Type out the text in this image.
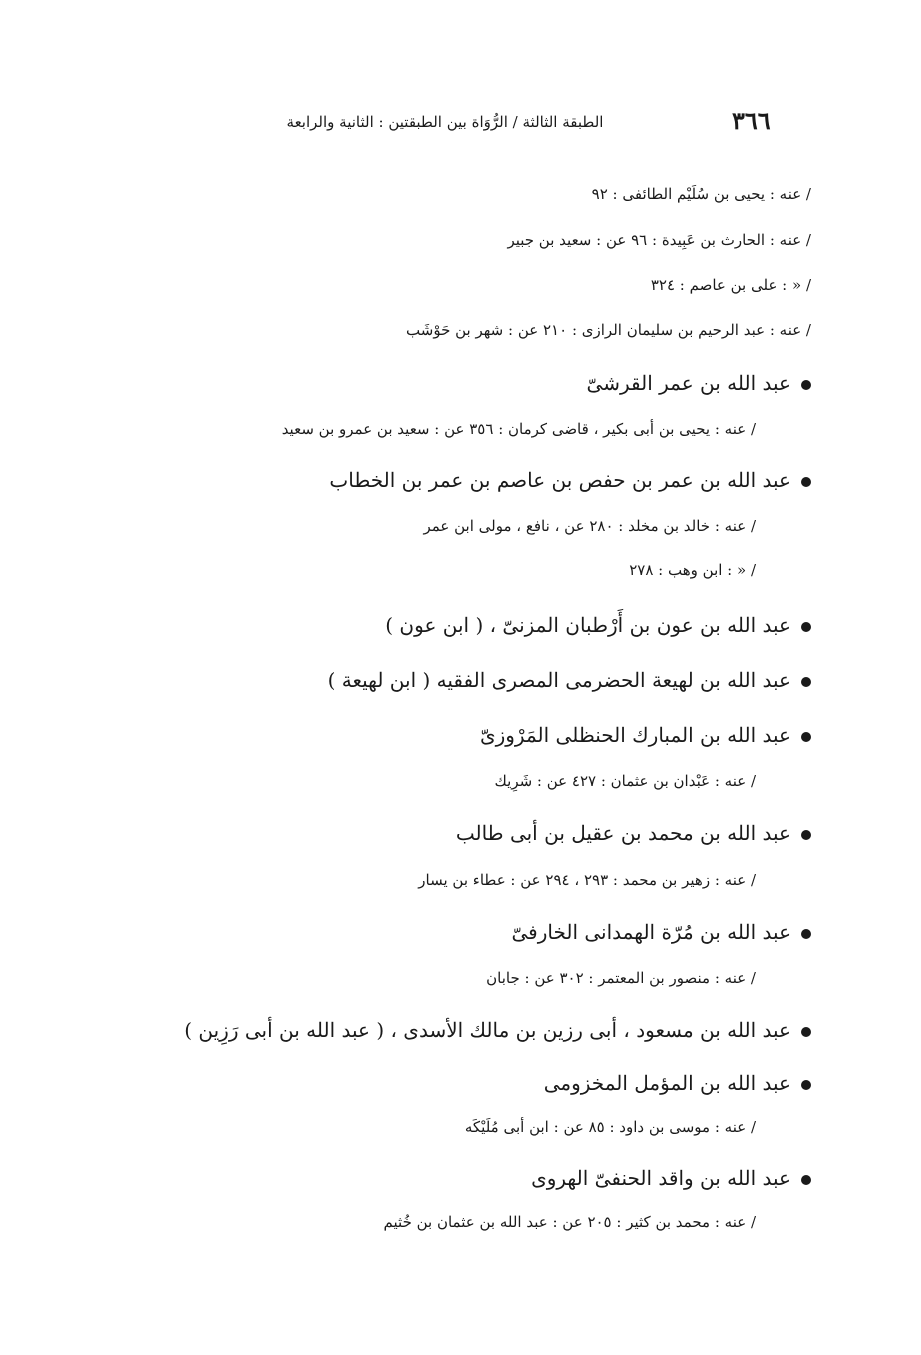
٣٦٦
الطبقة الثالثة / الرُّوَاة بين الطبقتين : الثانية والرابعة
/ عنه : يحيى بن سُلَيْم الطائفى : ٩٢
عن : سعيد بن جبير / عنه : الحارث بن عَبِيدة : ٩٦
/ « : على بن عاصم : ٣٢٤
عن : شهر بن حَوْشَب / عنه : عبد الرحيم بن سليمان الرازى : ٢١٠
عبد الله بن عمر القرشىّ
عن : سعيد بن عمرو بن سعيد / عنه : يحيى بن أبى بكير ، قاضى كرمان : ٣٥٦
عبد الله بن عمر بن حفص بن عاصم بن عمر بن الخطاب
عن ، نافع ، مولى ابن عمر / عنه : خالد بن مخلد : ٢٨٠
/ « : ابن وهب : ٢٧٨
عبد الله بن عون بن أَرْطبان المزنىّ ، ( ابن عون )
عبد الله بن لهيعة الحضرمى المصرى الفقيه ( ابن لهيعة )
عبد الله بن المبارك الحنظلى المَرْوزىّ
عن : شَرِيك / عنه : عَبْدان بن عثمان : ٤٢٧
عبد الله بن محمد بن عقيل بن أبى طالب
عن : عطاء بن يسار / عنه : زهير بن محمد : ٢٩٣ ، ٢٩٤
عبد الله بن مُرّة الهمدانى الخارفىّ
عن : جابان / عنه : منصور بن المعتمر : ٣٠٢
عبد الله بن مسعود ، أبى رزين بن مالك الأسدى ، ( عبد الله بن أبى رَزِين )
عبد الله بن المؤمل المخزومى
عن : ابن أبى مُلَيْكَه / عنه : موسى بن داود : ٨٥
عبد الله بن واقد الحنفىّ الهروى
عن : عبد الله بن عثمان بن خُثيم / عنه : محمد بن كثير : ٢٠٥
